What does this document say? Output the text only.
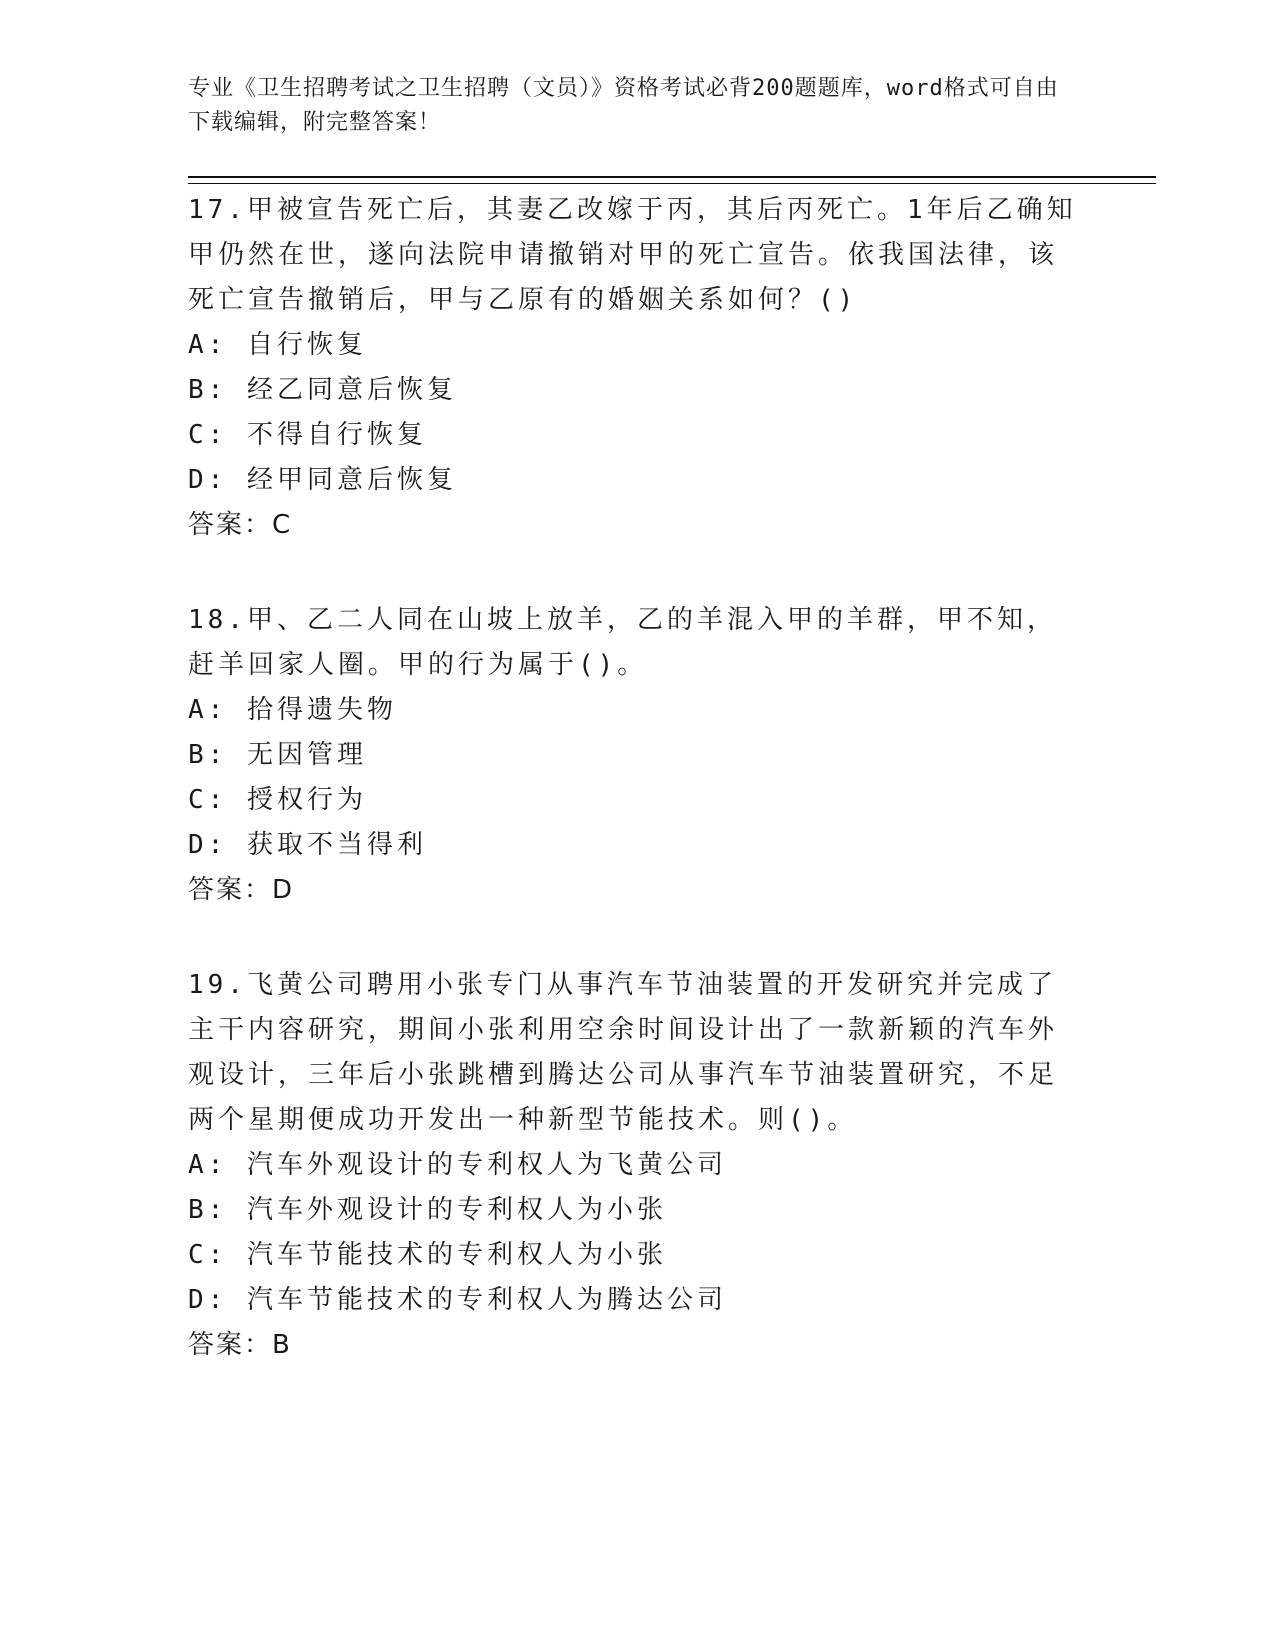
专业《卫生招聘考试之卫生招聘（文员）》资格考试必背200题题库，word格式可自由下载编辑，附完整答案！

17.甲被宣告死亡后，其妻乙改嫁于丙，其后丙死亡。1年后乙确知甲仍然在世，遂向法院申请撤销对甲的死亡宣告。依我国法律，该死亡宣告撤销后，甲与乙原有的婚姻关系如何？()

A: 自行恢复

B: 经乙同意后恢复

C: 不得自行恢复

D: 经甲同意后恢复

答案：C

18.甲、乙二人同在山坡上放羊，乙的羊混入甲的羊群，甲不知，赶羊回家人圈。甲的行为属于()。

A: 拾得遗失物

B: 无因管理

C: 授权行为

D: 获取不当得利

答案：D

19.飞黄公司聘用小张专门从事汽车节油装置的开发研究并完成了主干内容研究，期间小张利用空余时间设计出了一款新颖的汽车外观设计，三年后小张跳槽到腾达公司从事汽车节油装置研究，不足两个星期便成功开发出一种新型节能技术。则()。

A: 汽车外观设计的专利权人为飞黄公司

B: 汽车外观设计的专利权人为小张

C: 汽车节能技术的专利权人为小张

D: 汽车节能技术的专利权人为腾达公司

答案：B
